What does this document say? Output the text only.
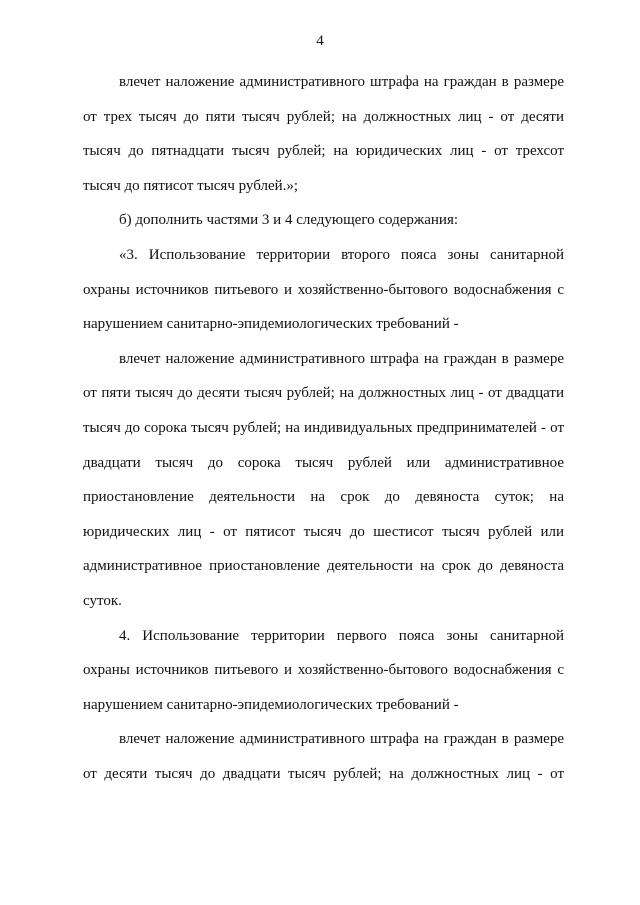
4

влечет наложение административного штрафа на граждан в размере от трех тысяч до пяти тысяч рублей; на должностных лиц - от десяти тысяч до пятнадцати тысяч рублей; на юридических лиц - от трехсот тысяч до пятисот тысяч рублей.»;

б) дополнить частями 3 и 4 следующего содержания:

«3. Использование территории второго пояса зоны санитарной охраны источников питьевого и хозяйственно-бытового водоснабжения с нарушением санитарно-эпидемиологических требований -

влечет наложение административного штрафа на граждан в размере от пяти тысяч до десяти тысяч рублей; на должностных лиц - от двадцати тысяч до сорока тысяч рублей; на индивидуальных предпринимателей - от двадцати тысяч до сорока тысяч рублей или административное приостановление деятельности на срок до девяноста суток; на юридических лиц - от пятисот тысяч до шестисот тысяч рублей или административное приостановление деятельности на срок до девяноста суток.

4. Использование территории первого пояса зоны санитарной охраны источников питьевого и хозяйственно-бытового водоснабжения с нарушением санитарно-эпидемиологических требований -

влечет наложение административного штрафа на граждан в размере от десяти тысяч до двадцати тысяч рублей; на должностных лиц - от
